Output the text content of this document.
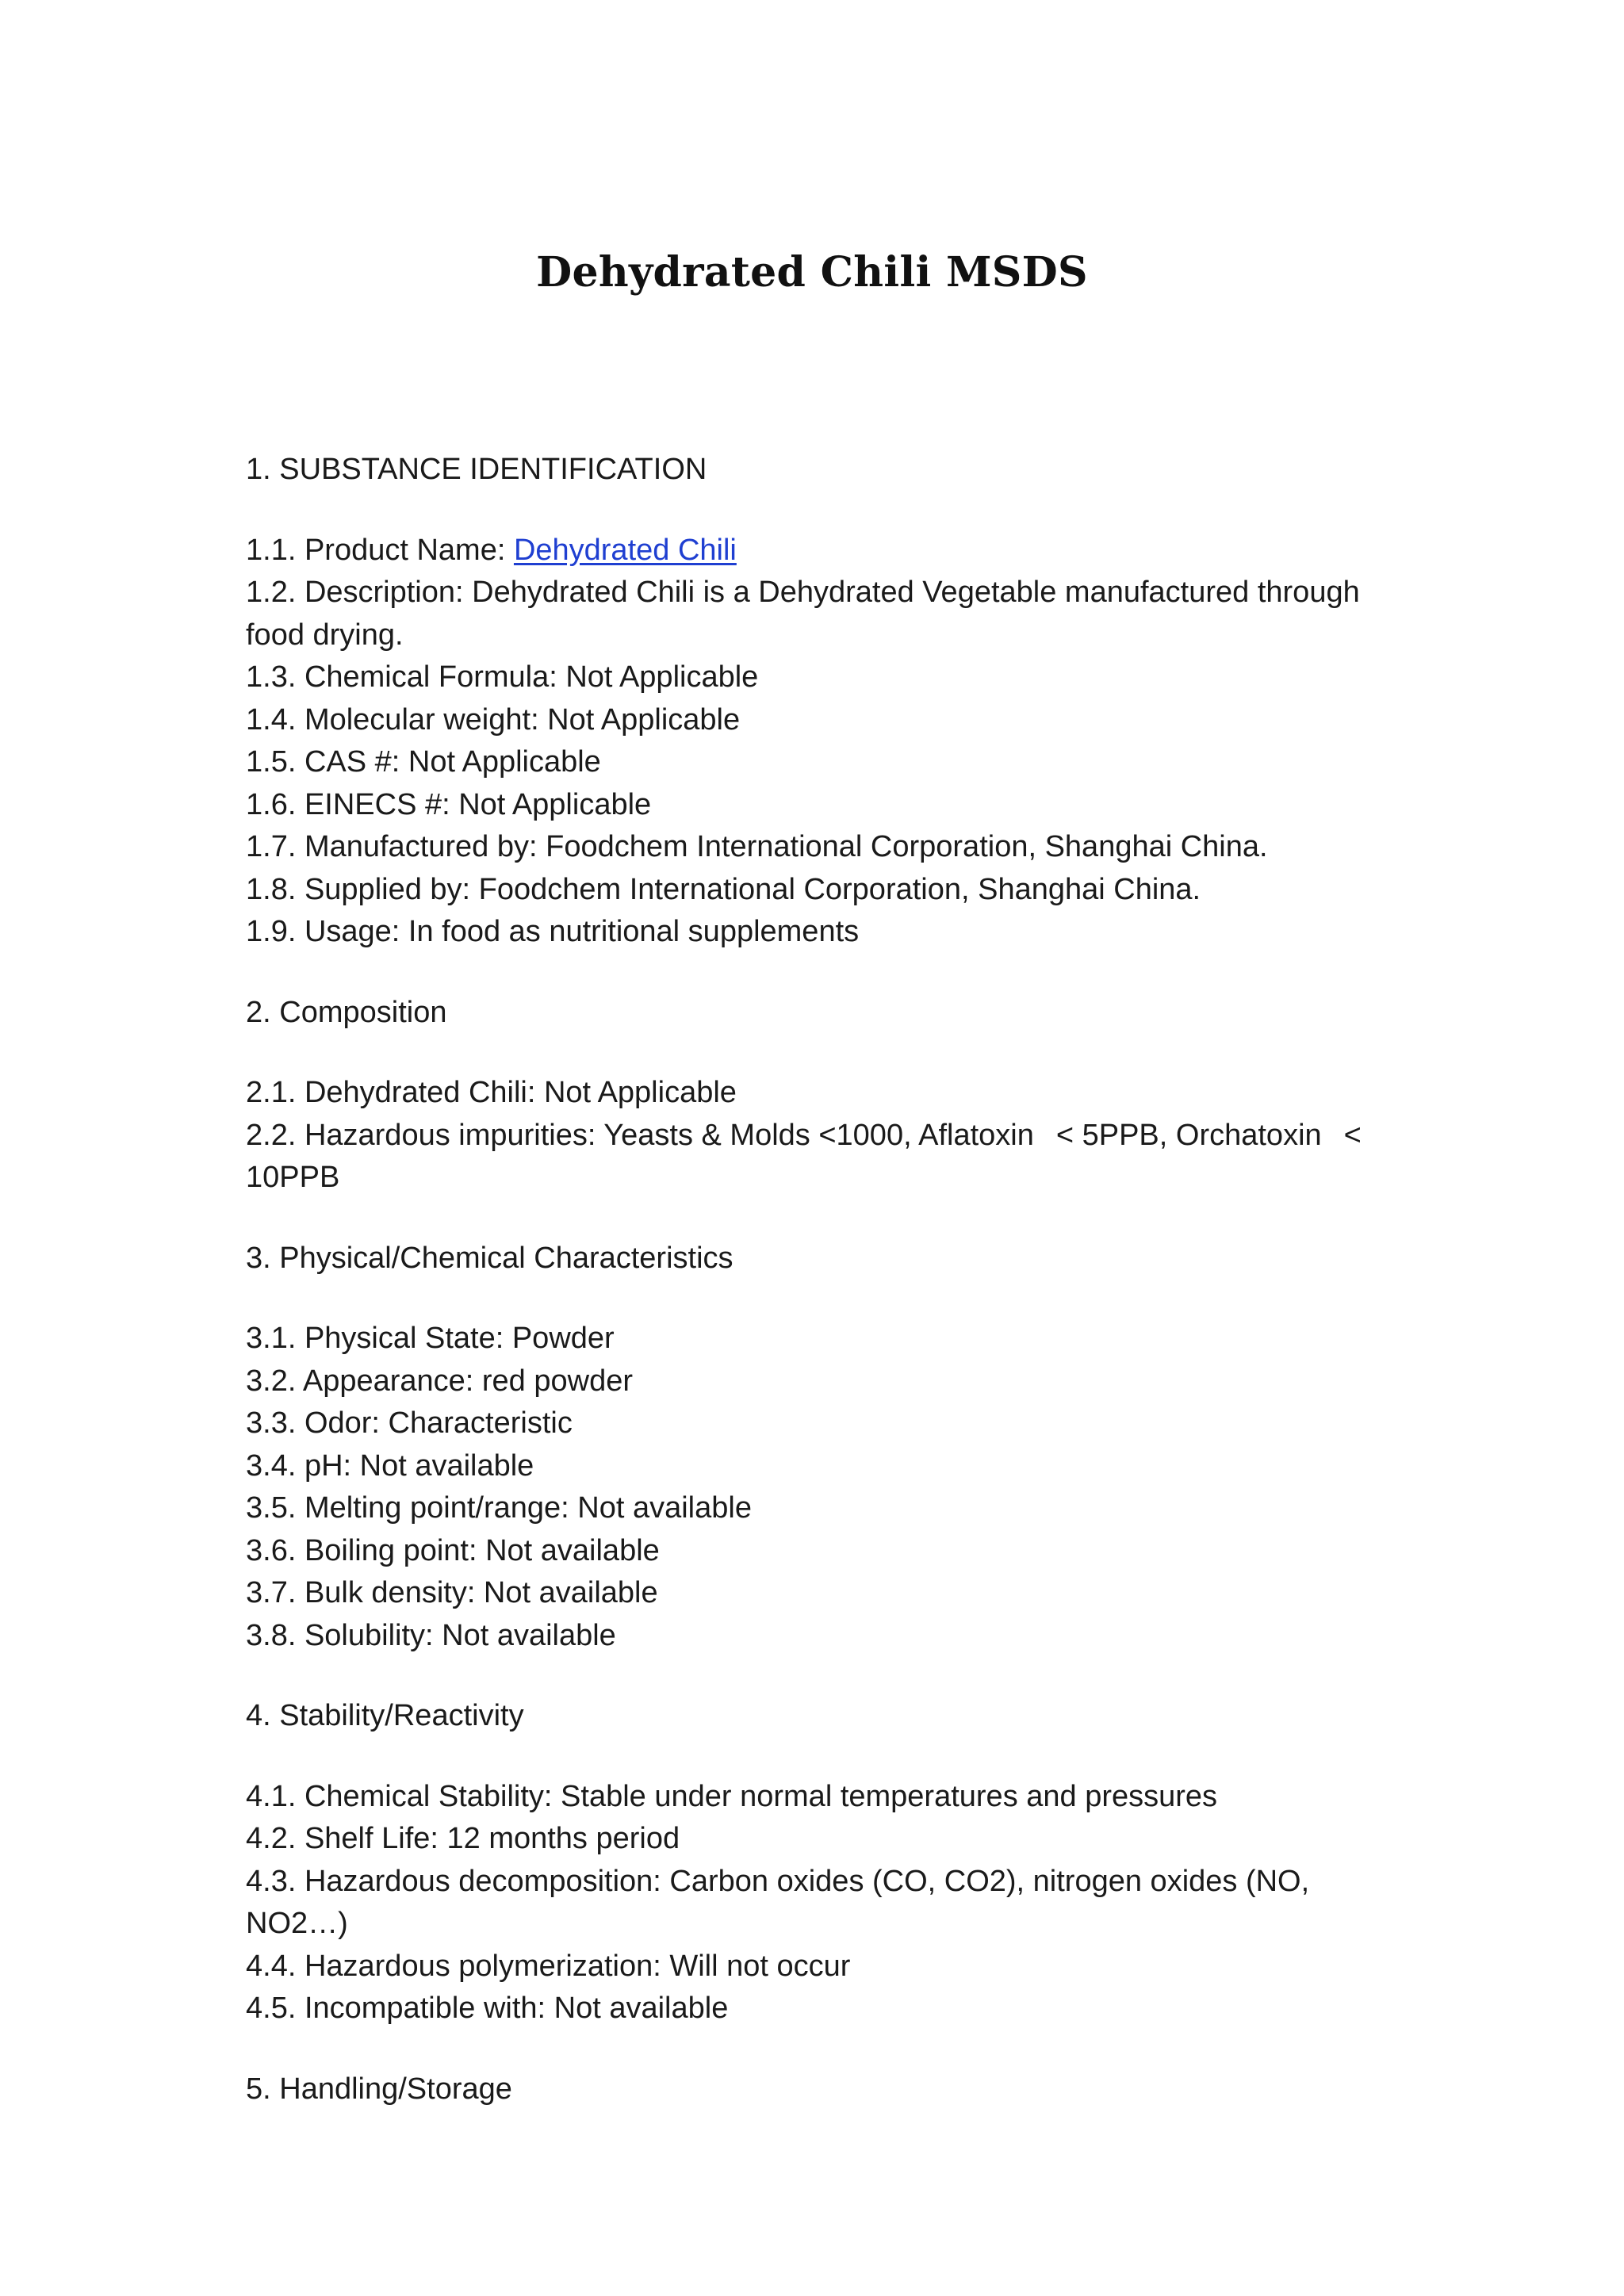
Dehydrated Chili MSDS

1. SUBSTANCE IDENTIFICATION

1.1. Product Name: Dehydrated Chili

1.2. Description: Dehydrated Chili is a Dehydrated Vegetable manufactured through food drying.

1.3. Chemical Formula: Not Applicable

1.4. Molecular weight: Not Applicable

1.5. CAS #: Not Applicable

1.6. EINECS #: Not Applicable

1.7. Manufactured by: Foodchem International Corporation, Shanghai China.

1.8. Supplied by: Foodchem International Corporation, Shanghai China.

1.9. Usage: In food as nutritional supplements

2. Composition

2.1. Dehydrated Chili: Not Applicable

2.2. Hazardous impurities: Yeasts & Molds <1000, Aflatoxin < 5PPB, Orchatoxin < 10PPB

3. Physical/Chemical Characteristics

3.1. Physical State: Powder

3.2. Appearance: red powder

3.3. Odor: Characteristic

3.4. pH: Not available

3.5. Melting point/range: Not available

3.6. Boiling point: Not available

3.7. Bulk density: Not available

3.8. Solubility: Not available

4. Stability/Reactivity

4.1. Chemical Stability: Stable under normal temperatures and pressures

4.2. Shelf Life: 12 months period

4.3. Hazardous decomposition: Carbon oxides (CO, CO2), nitrogen oxides (NO, NO2…)

4.4. Hazardous polymerization: Will not occur

4.5. Incompatible with: Not available

5. Handling/Storage
